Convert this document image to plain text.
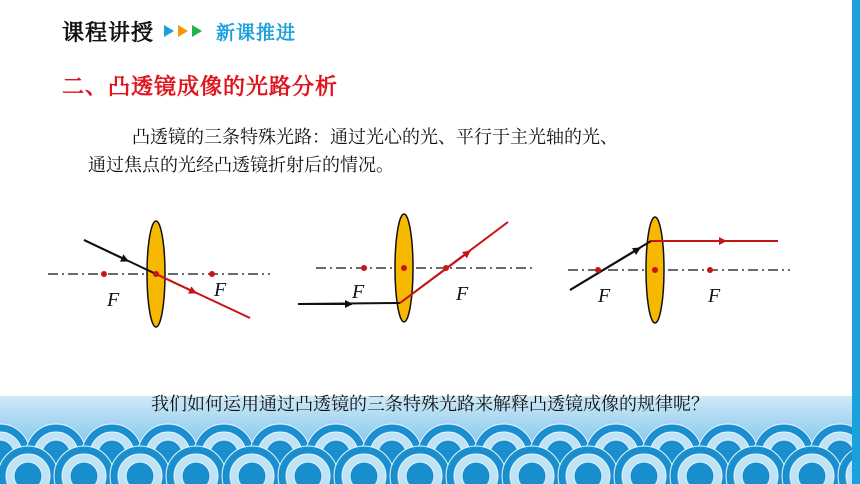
课程讲授	新课推进
二、凸透镜成像的光路分析
凸透镜的三条特殊光路：通过光心的光、平行于主光轴的光、
通过焦点的光经凸透镜折射后的情况。
F	F	F	F	F	F
我们如何运用通过凸透镜的三条特殊光路来解释凸透镜成像的规律呢？
